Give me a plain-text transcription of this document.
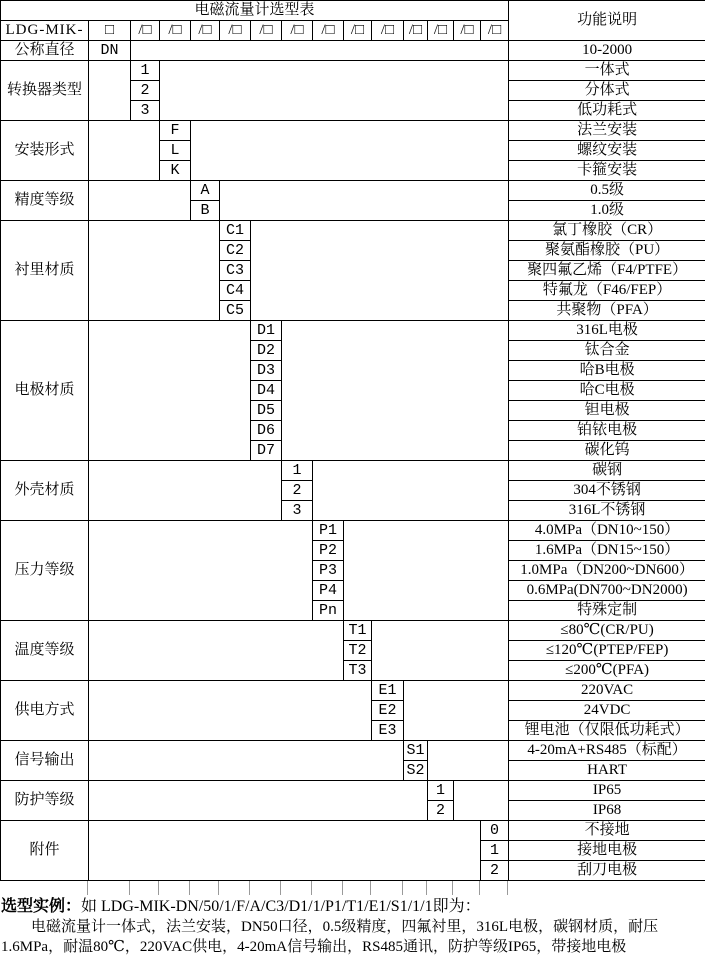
电磁流量计选型表															功能说明
LDG-MIK-	□	/□	/□	/□	/□	/□	/□	/□	/□	/□	/□	/□	/□	/□	
公称直径	DN														10-2000
转换器类型		1													一体式
		2													分体式
		3													低功耗式
安装形式			F												法兰安装
			L												螺纹安装
			K												卡箍安装
精度等级				A											0.5级
				B											1.0级
衬里材质					C1										氯丁橡胶（CR）
					C2										聚氨酯橡胶（PU）
					C3										聚四氟乙烯（F4/PTFE）
					C4										特氟龙（F46/FEP）
					C5										共聚物（PFA）
电极材质						D1									316L电极
						D2									钛合金
						D3									哈B电极
						D4									哈C电极
						D5									钽电极
						D6									铂铱电极
						D7									碳化钨
外壳材质							1								碳钢
							2								304不锈钢
							3								316L不锈钢
压力等级								P1							4.0MPa（DN10~150）
								P2							1.6MPa（DN15~150）
								P3							1.0MPa（DN200~DN600）
								P4							0.6MPa(DN700~DN2000)
								Pn							特殊定制
温度等级									T1						≤80℃(CR/PU)
									T2						≤120℃(PTEP/FEP)
									T3						≤200℃(PFA)
供电方式										E1					220VAC
										E2					24VDC
										E3					锂电池（仅限低功耗式）
信号输出											S1				4-20mA+RS485（标配）
											S2				HART
防护等级												1			IP65
												2			IP68
附件														0	不接地
														1	接地电极
														2	刮刀电极
选型实例：如 LDG-MIK-DN/50/1/F/A/C3/D1/1/P1/T1/E1/S1/1/1即为：
电磁流量计一体式，法兰安装，DN50口径，0.5级精度，四氟衬里，316L电极，碳钢材质，耐压1.6MPa，耐温80℃，220VAC供电，4-20mA信号输出，RS485通讯，防护等级IP65，带接地电极
